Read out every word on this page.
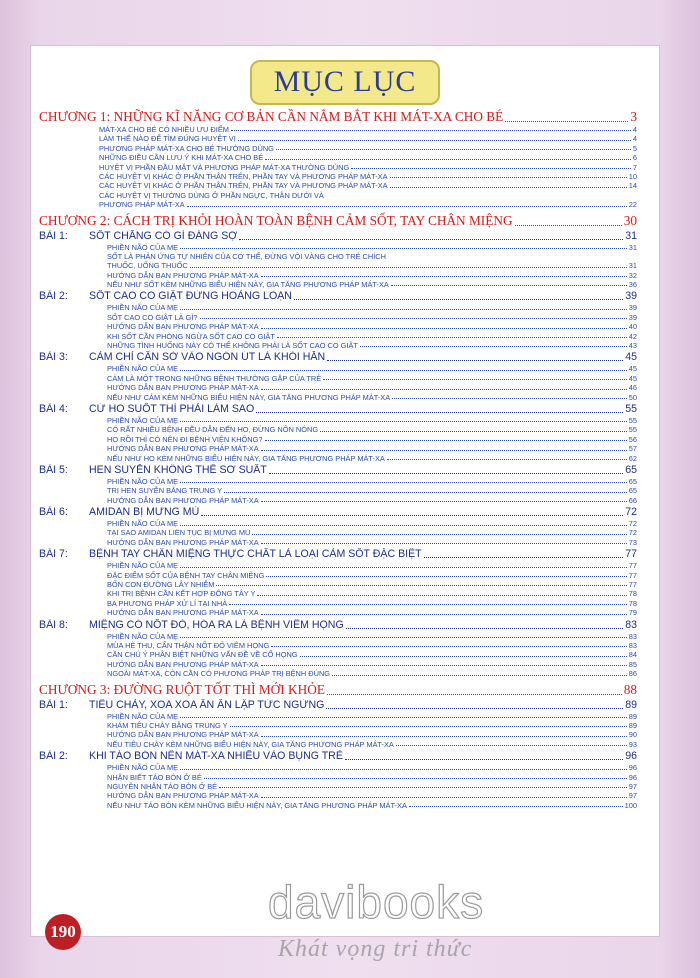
MỤC LỤC
CHƯƠNG 1: NHỮNG KĨ NĂNG CƠ BẢN CẦN NẮM BẮT KHI MÁT-XA CHO BÉ	3
MÁT-XA CHO BÉ CÓ NHIỀU ƯU ĐIỂM	4
LÀM THẾ NÀO ĐỂ TÌM ĐÚNG HUYỆT VỊ	4
PHƯƠNG PHÁP MÁT-XA CHO BÉ THƯỜNG DÙNG	5
NHỮNG ĐIỀU CẦN LƯU Ý KHI MÁT-XA CHO BÉ	6
HUYỆT VỊ PHẦN ĐẦU MẶT VÀ PHƯƠNG PHÁP MÁT-XA THƯỜNG DÙNG	7
CÁC HUYỆT VỊ KHÁC Ở PHẦN THÂN TRÊN, PHẦN TAY VÀ PHƯƠNG PHÁP MÁT-XA	10
CÁC HUYỆT VỊ KHÁC Ở PHẦN THÂN TRÊN, PHẦN TAY VÀ PHƯƠNG PHÁP MÁT-XA	14
CÁC HUYỆT VỊ THƯỜNG DÙNG Ở PHẦN NGỰC, THÂN DƯỚI VÀ
PHƯƠNG PHÁP MÁT-XA	22
CHƯƠNG 2: CÁCH TRỊ KHỎI HOÀN TOÀN BỆNH CẢM SỐT, TAY CHÂN MIỆNG	30
BÀI 1:	SỐT CHẲNG CÓ GÌ ĐÁNG SỢ	31
PHIỀN NÃO CỦA MẸ	31
SỐT LÀ PHẢN ỨNG TỰ NHIÊN CỦA CƠ THỂ, ĐỪNG VỘI VÀNG CHO TRẺ CHÍCH
THUỐC, UỐNG THUỐC	31
HƯỚNG DẪN BẠN PHƯƠNG PHÁP MÁT-XA	32
NẾU NHƯ SỐT KÈM NHỮNG BIỂU HIỆN NÀY, GIA TĂNG PHƯƠNG PHÁP MÁT-XA	36
BÀI 2:	SỐT CAO CO GIẬT ĐỪNG HOẢNG LOẠN	39
PHIỀN NÃO CỦA MẸ	39
SỐT CAO CO GIẬT LÀ GÌ?	39
HƯỚNG DẪN BẠN PHƯƠNG PHÁP MÁT-XA	40
KHI SỐT CẦN PHÒNG NGỪA SỐT CAO CO GIẬT	42
NHỮNG TÌNH HUỐNG NÀY CÓ THỂ KHÔNG PHẢI LÀ SỐT CAO CO GIẬT	43
BÀI 3:	CẢM CHỈ CẦN SỜ VÀO NGÓN ÚT LÀ KHỎI HẲN	45
PHIỀN NÃO CỦA MẸ	45
CẢM LÀ MỘT TRONG NHỮNG BỆNH THƯỜNG GẶP CỦA TRẺ	45
HƯỚNG DẪN BẠN PHƯƠNG PHÁP MÁT-XA	46
NẾU NHƯ CẢM KÈM NHỮNG BIỂU HIỆN NÀY, GIA TĂNG PHƯƠNG PHÁP MÁT-XA	50
BÀI 4:	CỨ HO SUỐT THÌ PHẢI LÀM SAO	55
PHIỀN NÃO CỦA MẸ	55
CÓ RẤT NHIỀU BỆNH ĐỀU DẪN ĐẾN HO, ĐỪNG NÔN NÓNG	55
HO RỒI THÌ CÓ NÊN ĐI BỆNH VIỆN KHÔNG?	56
HƯỚNG DẪN BẠN PHƯƠNG PHÁP MÁT-XA	57
NẾU NHƯ HO KÈM NHỮNG BIỂU HIỆN NÀY, GIA TĂNG PHƯƠNG PHÁP MÁT-XA	62
BÀI 5:	HEN SUYỄN KHÔNG THỂ SƠ SUẤT	65
PHIỀN NÃO CỦA MẸ	65
TRỊ HEN SUYỄN BẰNG TRUNG Y	65
HƯỚNG DẪN BẠN PHƯƠNG PHÁP MÁT-XA	66
BÀI 6:	AMIDAN BỊ MƯNG MỦ	72
PHIỀN NÃO CỦA MẸ	72
TẠI SAO AMIDAN LIÊN TỤC BỊ MƯNG MỦ	72
HƯỚNG DẪN BẠN PHƯƠNG PHÁP MÁT-XA	73
BÀI 7:	BỆNH TAY CHÂN MIỆNG THỰC CHẤT LÀ LOẠI CẢM SỐT ĐẶC BIỆT	77
PHIỀN NÃO CỦA MẸ	77
ĐẶC ĐIỂM SỐT CỦA BỆNH TAY CHÂN MIỆNG	77
BỐN CON ĐƯỜNG LÂY NHIỄM	77
KHI TRỊ BỆNH CẦN KẾT HỢP ĐÔNG TÂY Y	78
BA PHƯƠNG PHÁP XỬ LÍ TẠI NHÀ	78
HƯỚNG DẪN BẠN PHƯƠNG PHÁP MÁT-XA	79
BÀI 8:	MIỆNG CÓ NỐT ĐỎ, HÓA RA LÀ BỆNH VIÊM HỌNG	83
PHIỀN NÃO CỦA MẸ	83
MÙA HÈ THU, CẨN THẬN NỐT ĐỎ VIÊM HỌNG	83
CẦN CHÚ Ý PHÂN BIỆT NHỮNG VẤN ĐỀ VỀ CỔ HỌNG	84
HƯỚNG DẪN BẠN PHƯƠNG PHÁP MÁT-XA	85
NGOÀI MÁT-XA, CÒN CẦN CÓ PHƯƠNG PHÁP TRỊ BỆNH ĐÚNG	86
CHƯƠNG 3: ĐƯỜNG RUỘT TỐT THÌ MỚI KHỎE	88
BÀI 1:	TIÊU CHẢY, XOA XOA ẤN ẤN LẬP TỨC NGỪNG	89
PHIỀN NÃO CỦA MẸ	89
KHÁM TIÊU CHẢY BẰNG TRUNG Y	89
HƯỚNG DẪN BẠN PHƯƠNG PHÁP MÁT-XA	90
NẾU TIÊU CHẢY KÈM NHỮNG BIỂU HIỆN NÀY, GIA TĂNG PHƯƠNG PHÁP MÁT-XA	93
BÀI 2:	KHI TÁO BÓN NÊN MÁT-XA NHIỀU VÀO BỤNG TRẺ	96
PHIỀN NÃO CỦA MẸ	96
NHẬN BIẾT TÁO BÓN Ở BÉ	96
NGUYÊN NHÂN TÁO BÓN Ở BÉ	97
HƯỚNG DẪN BẠN PHƯƠNG PHÁP MÁT-XA	97
NẾU NHƯ TÁO BÓN KÈM NHỮNG BIỂU HIỆN NÀY, GIA TĂNG PHƯƠNG PHÁP MÁT-XA	100
190
davibooks
Khát vọng tri thức
